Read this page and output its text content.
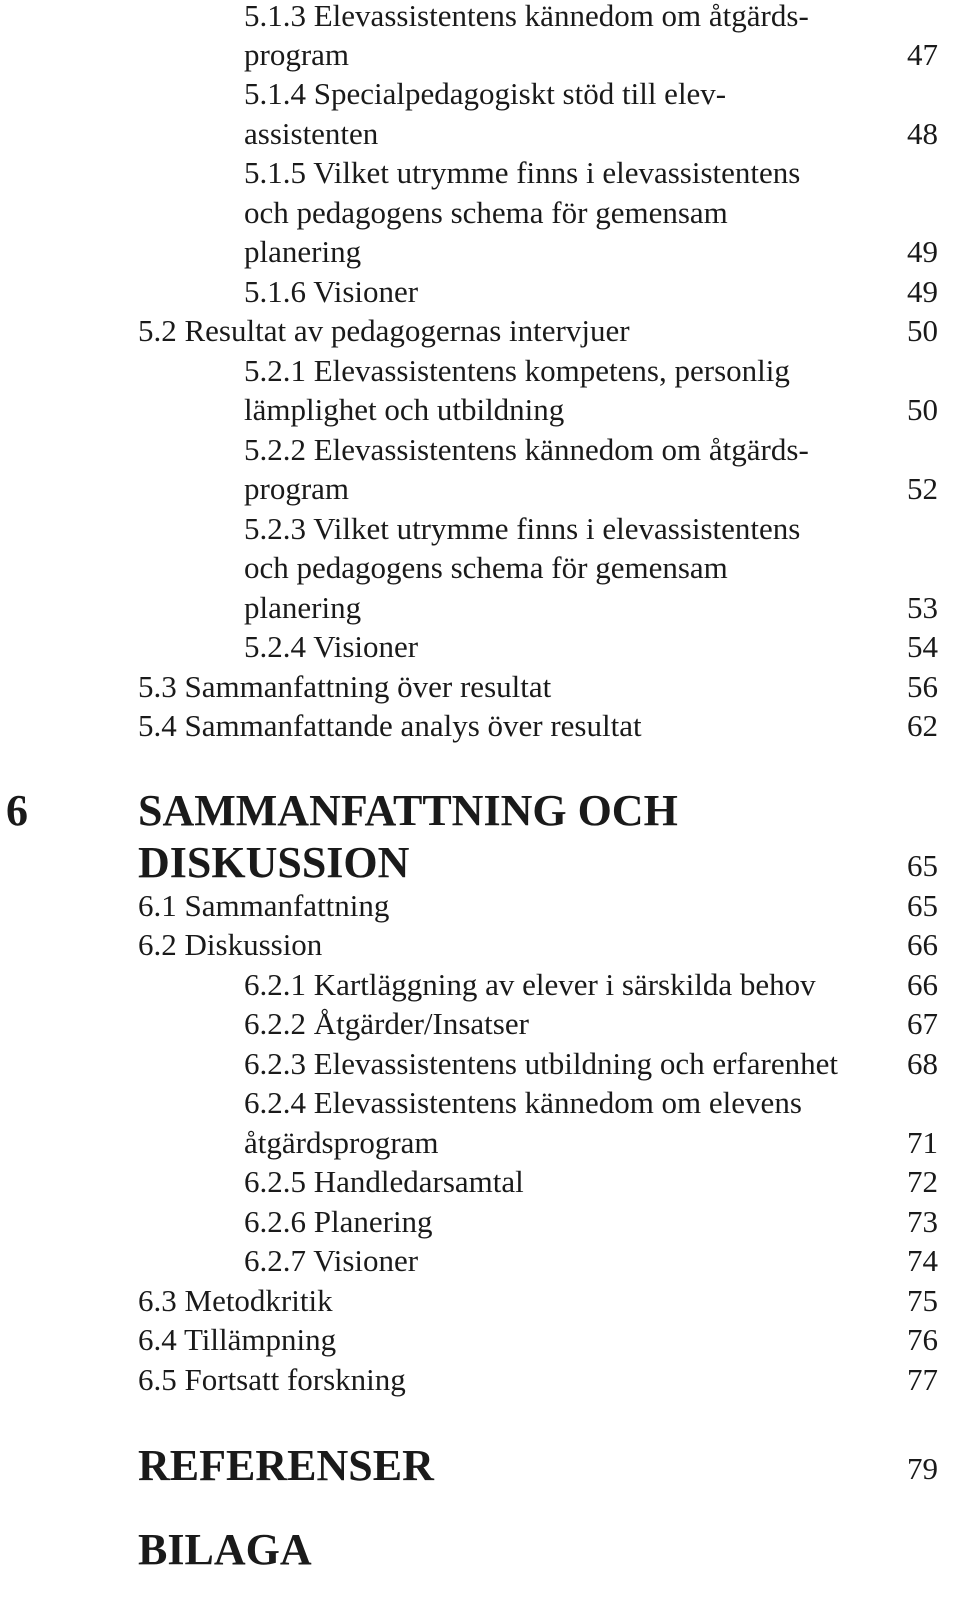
5.1.3 Elevassistentens kännedom om åtgärds-
program	47
5.1.4 Specialpedagogiskt stöd till elev-
assistenten	48
5.1.5 Vilket utrymme finns i elevassistentens
och pedagogens schema för gemensam
planering	49
5.1.6 Visioner	49
5.2 Resultat av pedagogernas intervjuer	50
5.2.1 Elevassistentens kompetens, personlig
lämplighet och utbildning	50
5.2.2 Elevassistentens kännedom om åtgärds-
program	52
5.2.3 Vilket utrymme finns i elevassistentens
och pedagogens schema för gemensam
planering	53
5.2.4 Visioner	54
5.3 Sammanfattning över resultat	56
5.4 Sammanfattande analys över resultat	62
6	SAMMANFATTNING OCH
DISKUSSION	65
6.1 Sammanfattning	65
6.2 Diskussion	66
6.2.1 Kartläggning av elever i särskilda behov	66
6.2.2 Åtgärder/Insatser	67
6.2.3 Elevassistentens utbildning och erfarenhet 68
6.2.4 Elevassistentens kännedom om elevens
åtgärdsprogram	71
6.2.5 Handledarsamtal	72
6.2.6 Planering	73
6.2.7 Visioner	74
6.3 Metodkritik	75
6.4 Tillämpning	76
6.5 Fortsatt forskning	77
REFERENSER	79
BILAGA
